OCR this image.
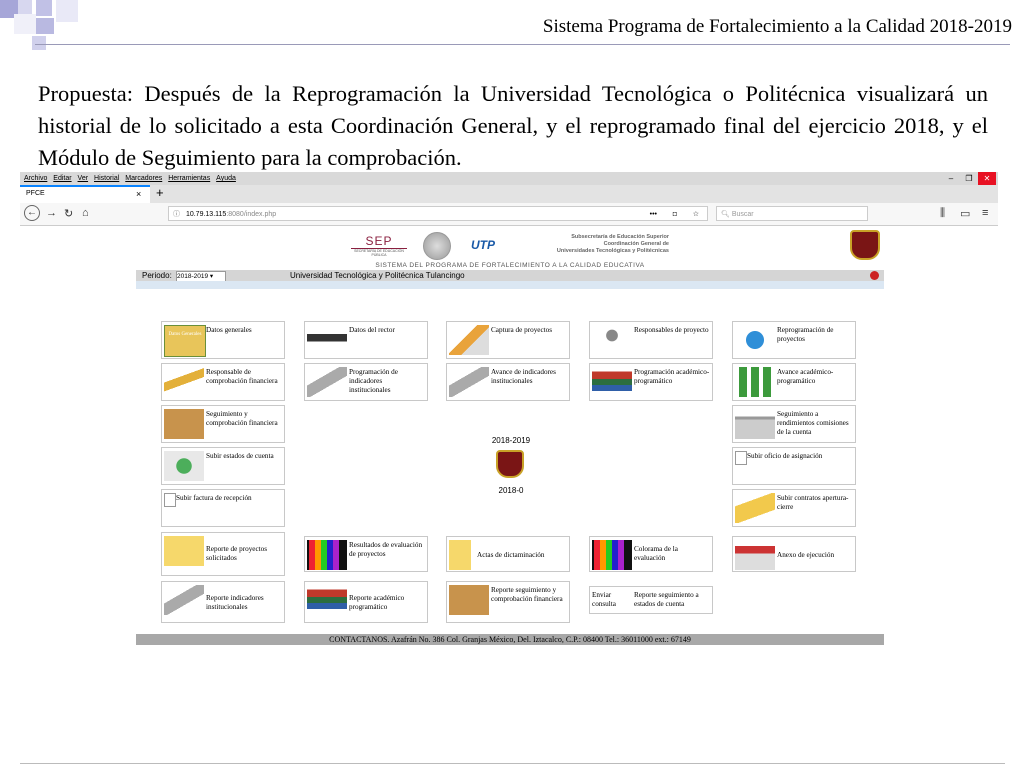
Sistema Programa de Fortalecimiento a la Calidad 2018-2019
Propuesta: Después de la Reprogramación la Universidad Tecnológica o Politécnica visualizará un historial de lo solicitado a esta Coordinación General, y el reprogramado final del ejercicio 2018, y el Módulo de Seguimiento para la comprobación.
Archivo Editar Ver Historial Marcadores Herramientas Ayuda	–	❐	✕
PFCE	× +
← → ↻ ⌂	ⓘ 10.79.13.115:8080/index.php	••• ◘ ☆	🔍︎ Buscar	⫼ ▭ ≡
SEP
SECRETARÍA DE EDUCACIÓN PÚBLICA
UTP
Subsecretaría de Educación Superior
Coordinación General de
Universidades Tecnológicas y Politécnicas
SISTEMA DEL PROGRAMA DE FORTALECIMIENTO A LA CALIDAD EDUCATIVA
Periodo: 2018-2019 ▾	Universidad Tecnológica y Politécnica Tulancingo
Datos Generales
Datos generales	Datos del rector	Captura de proyectos	Responsables de proyecto	Reprogramación de proyectos
Responsable de comprobación financiera
Programación de indicadores institucionales
Avance de indicadores institucionales
Programación académico-programático
Avance académico-programático
Seguimiento y comprobación financiera
Seguimiento a rendimientos comisiones de la cuenta
Subir estados de cuenta	Subir oficio de asignación
2018-2019
2018-0
Subir factura de recepción	Subir contratos apertura-cierre
Reporte de proyectos solicitados
Resultados de evaluación de proyectos	Actas de dictaminación
Colorama de la evaluación	Anexo de ejecución
Reporte indicadores institucionales
Reporte académico programático
Reporte seguimiento y comprobación financiera	Enviar
consulta
Reporte seguimiento a estados de cuenta
CONTACTANOS. Azafrán No. 386 Col. Granjas México, Del. Iztacalco, C.P.: 08400 Tel.: 36011000 ext.: 67149
